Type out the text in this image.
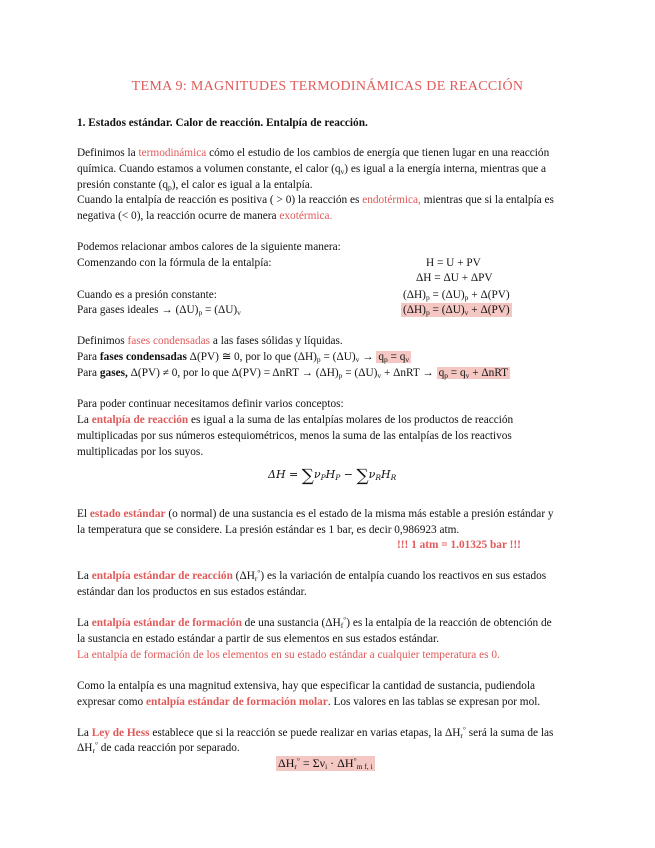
TEMA 9: MAGNITUDES TERMODINÁMICAS DE REACCIÓN
1. Estados estándar. Calor de reacción. Entalpía de reacción.
Definimos la termodinámica cómo el estudio de los cambios de energía que tienen lugar en una reacción
química. Cuando estamos a volumen constante, el calor $(q_v)$ es igual a la energía interna, mientras que a
presión constante $(q_p)$, el calor es igual a la entalpía.
Cuando la entalpía de reacción es positiva ( > 0) la reacción es endotérmica, mientras que si la entalpía es
negativa (< 0), la reacción ocurre de manera exotérmica.
Podemos relacionar ambos calores de la siguiente manera:
Comenzando con la fórmula de la entalpía:	H = U + PV
ΔH = ΔU + ΔPV
Cuando es a presión constante:	$(\Delta H)_p = (\Delta U)_p + \Delta(PV)$
Para gases ideales → $(\Delta U)_p = (\Delta U)_v$	$(\Delta H)_p = (\Delta U)_v + \Delta(PV)$
Definimos fases condensadas a las fases sólidas y líquidas.
Para fases condensadas Δ(PV) ≅ 0, por lo que $(\Delta H)_p = (\Delta U)_v \to q_p = q_v$
Para gases, Δ(PV) ≠ 0, por lo que $\Delta(PV) = \Delta nRT \to (\Delta H)_p = (\Delta U)_v + \Delta nRT \to q_p = q_v + \Delta nRT$
Para poder continuar necesitamos definir varios conceptos:
La entalpía de reacción es igual a la suma de las entalpías molares de los productos de reacción
multiplicadas por sus números estequiométricos, menos la suma de las entalpías de los reactivos
multiplicadas por los suyos.
$\Delta H = \sum\nu_PH_P - \sum\nu_RH_R$
El estado estándar (o normal) de una sustancia es el estado de la misma más estable a presión estándar y
la temperatura que se considere. La presión estándar es 1 bar, es decir 0,986923 atm.
!!! 1 atm = 1.01325 bar !!!
La entalpía estándar de reacción $(\Delta H_r^\circ)$ es la variación de entalpía cuando los reactivos en sus estados
estándar dan los productos en sus estados estándar.
La entalpía estándar de formación de una sustancia $(\Delta H_f^\circ)$ es la entalpía de la reacción de obtención de
la sustancia en estado estándar a partir de sus elementos en sus estados estándar.
La entalpía de formación de los elementos en su estado estándar a cualquier temperatura es 0.
Como la entalpía es una magnitud extensiva, hay que especificar la cantidad de sustancia, pudiendola
expresar como entalpía estándar de formación molar. Los valores en las tablas se expresan por mol.
La Ley de Hess establece que si la reacción se puede realizar en varias etapas, la $\Delta H_r^\circ$ será la suma de las
$\Delta H_r^\circ$ de cada reacción por separado.
$\Delta H_r^\circ = \Sigma\nu_i \cdot \Delta H^\circ_{m f, i}$
